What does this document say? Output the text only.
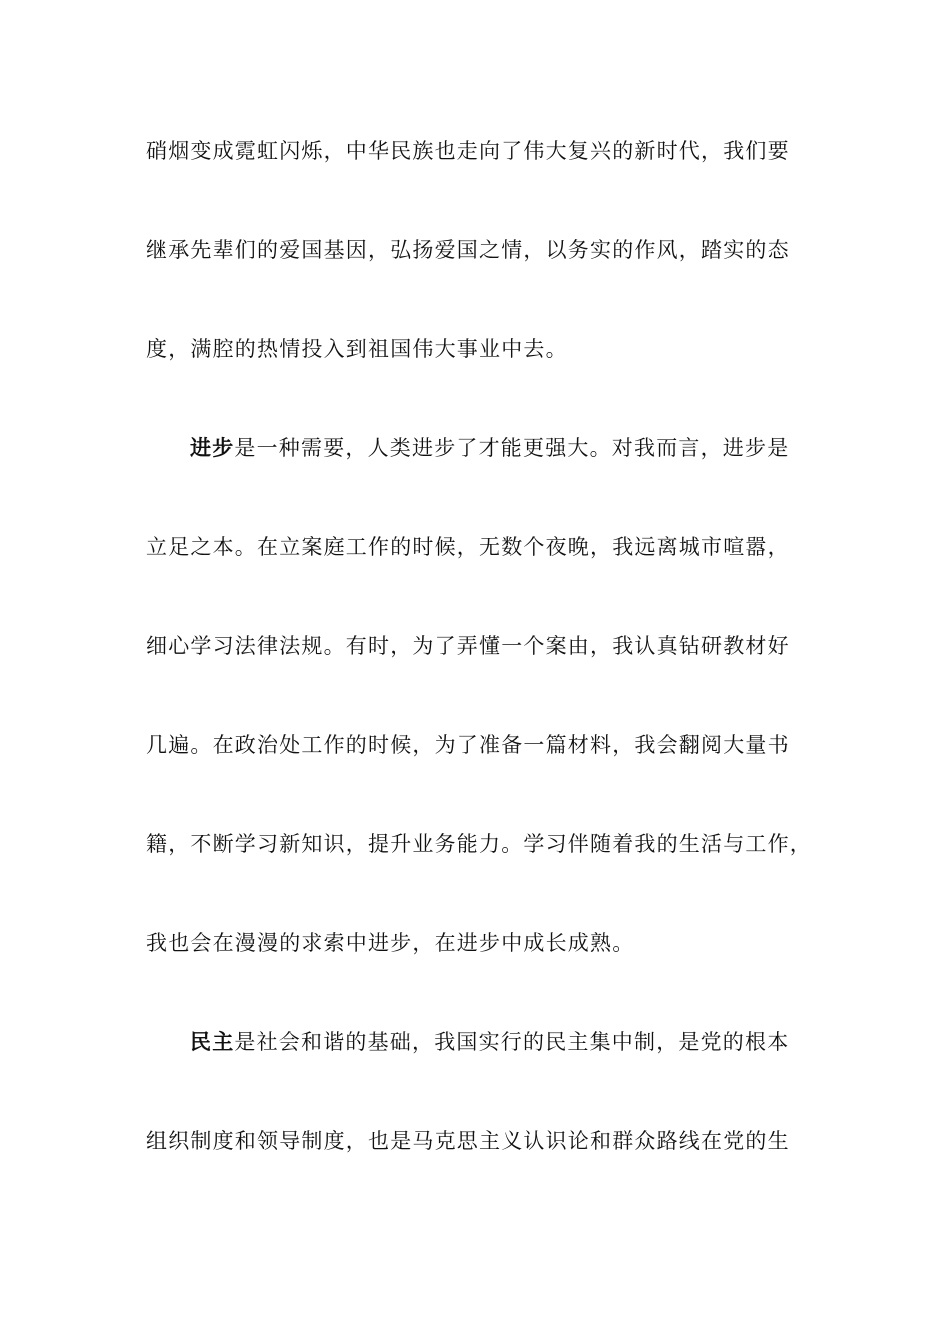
硝烟变成霓虹闪烁，中华民族也走向了伟大复兴的新时代，我们要
继承先辈们的爱国基因，弘扬爱国之情，以务实的作风，踏实的态
度，满腔的热情投入到祖国伟大事业中去。
进步是一种需要，人类进步了才能更强大。对我而言，进步是
立足之本。在立案庭工作的时候，无数个夜晚，我远离城市喧嚣，
细心学习法律法规。有时，为了弄懂一个案由，我认真钻研教材好
几遍。在政治处工作的时候，为了准备一篇材料，我会翻阅大量书
籍，不断学习新知识，提升业务能力。学习伴随着我的生活与工作，
我也会在漫漫的求索中进步，在进步中成长成熟。
民主是社会和谐的基础，我国实行的民主集中制，是党的根本
组织制度和领导制度，也是马克思主义认识论和群众路线在党的生
